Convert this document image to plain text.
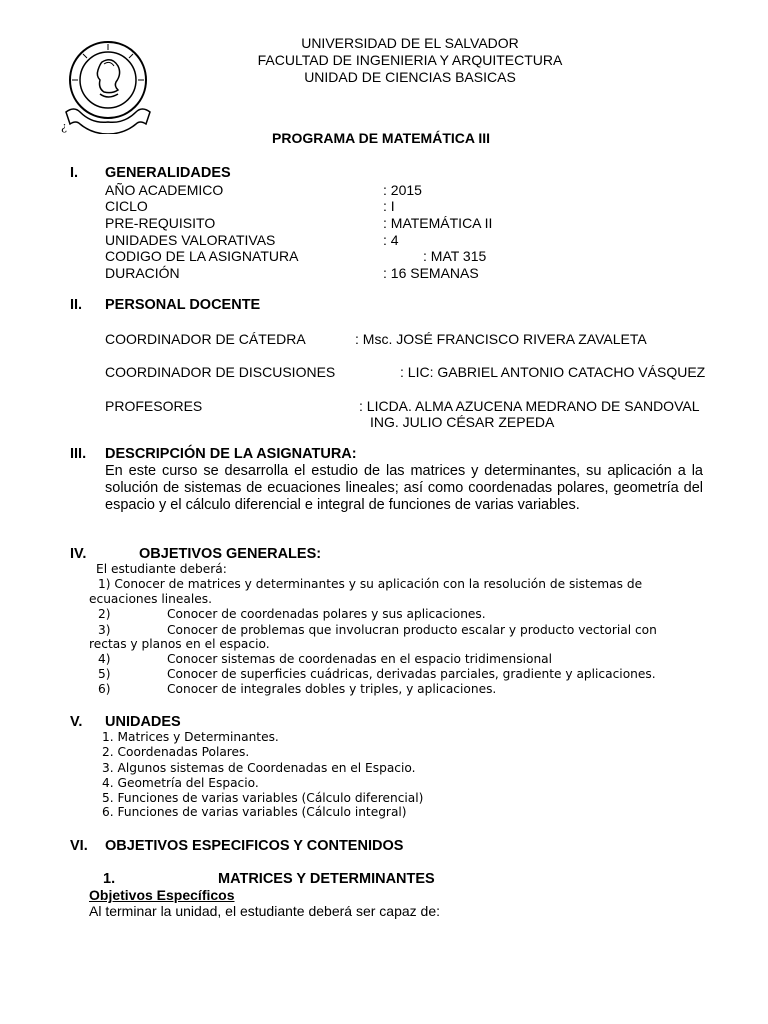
¿
UNIVERSIDAD DE EL SALVADOR
FACULTAD DE INGENIERIA Y ARQUITECTURA
UNIDAD DE CIENCIAS BASICAS
PROGRAMA DE MATEMÁTICA III
I. GENERALIDADES
AÑO ACADEMICO	: 2015
CICLO	: I
PRE-REQUISITO	: MATEMÁTICA II
UNIDADES VALORATIVAS	: 4
CODIGO DE LA ASIGNATURA	: MAT 315
DURACIÓN	: 16 SEMANAS
II. PERSONAL DOCENTE
COORDINADOR DE CÁTEDRA	: Msc. JOSÉ FRANCISCO RIVERA ZAVALETA
COORDINADOR DE DISCUSIONES	: LIC: GABRIEL ANTONIO CATACHO VÁSQUEZ
PROFESORES	: LICDA. ALMA AZUCENA MEDRANO DE SANDOVAL
ING. JULIO CÉSAR ZEPEDA
III. DESCRIPCIÓN DE LA ASIGNATURA:
En este curso se desarrolla el estudio de las matrices y determinantes, su aplicación a la solución de sistemas de ecuaciones lineales; así como coordenadas polares, geometría del espacio y el cálculo diferencial e integral de funciones de varias variables.
IV.	OBJETIVOS GENERALES:
El estudiante deberá:
1) Conocer de matrices y determinantes y su aplicación con la resolución de sistemas de
ecuaciones lineales.
2)	Conocer de coordenadas polares y sus aplicaciones.
3)	Conocer de problemas que involucran producto escalar y producto vectorial con
rectas y planos en el espacio.
4)	Conocer sistemas de coordenadas en el espacio tridimensional
5)	Conocer de superficies cuádricas, derivadas parciales, gradiente y aplicaciones.
6)	Conocer de integrales dobles y triples, y aplicaciones.
V. UNIDADES
1. Matrices y Determinantes.
2. Coordenadas Polares.
3. Algunos sistemas de Coordenadas en el Espacio.
4. Geometría del Espacio.
5. Funciones de varias variables (Cálculo diferencial)
6. Funciones de varias variables (Cálculo integral)
VI. OBJETIVOS ESPECIFICOS Y CONTENIDOS
1.	MATRICES Y DETERMINANTES
Objetivos Específicos
Al terminar la unidad, el estudiante deberá ser capaz de:
